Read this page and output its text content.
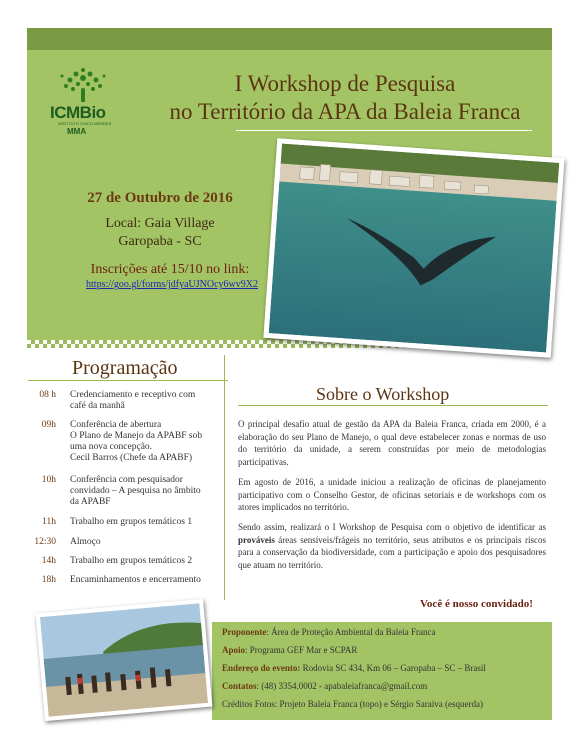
ICMBio
INSTITUTO CHICO MENDES
MMA
I Workshop de Pesquisa
no Território da APA da Baleia Franca
27 de Outubro de 2016
Local: Gaia Village
Garopaba - SC
Inscrições até 15/10 no link:
https://goo.gl/forms/jdfyaUJNOcy6wv9X2
Programação
08 h Credenciamento e receptivo com
café da manhã
09h Conferência de abertura
O Plano de Manejo da APABF sob
uma nova concepção.
Cecil Barros (Chefe da APABF)
10h Conferência com pesquisador
convidado – A pesquisa no âmbito
da APABF
11h Trabalho em grupos temáticos 1
12:30 Almoço
14h Trabalho em grupos temáticos 2
18h Encaminhamentos e encerramento
Sobre o Workshop
O principal desafio atual de gestão da APA da Baleia Franca, criada em 2000, é a elaboração do seu Plano de Manejo, o qual deve estabelecer zonas e normas de uso do território da unidade, a serem construídas por meio de metodologias participativas.
Em agosto de 2016, a unidade iniciou a realização de oficinas de planejamento participativo com o Conselho Gestor, de oficinas setoriais e de workshops com os atores implicados no território.
Sendo assim, realizará o I Workshop de Pesquisa com o objetivo de identificar as prováveis áreas sensíveis/frágeis no território, seus atributos e os principais riscos para a conservação da biodiversidade, com a participação e apoio dos pesquisadores que atuam no território.
Você é nosso convidado!
Proponente: Área de Proteção Ambiental da Baleia Franca
Apoio: Programa GEF Mar e SCPAR
Endereço do evento: Rodovia SC 434, Km 06 – Garopaba – SC – Brasil
Contatos: (48) 3354.0002 - apabaleiafranca@gmail.com
Créditos Fotos: Projeto Baleia Franca (topo) e Sérgio Saraiva (esquerda)
